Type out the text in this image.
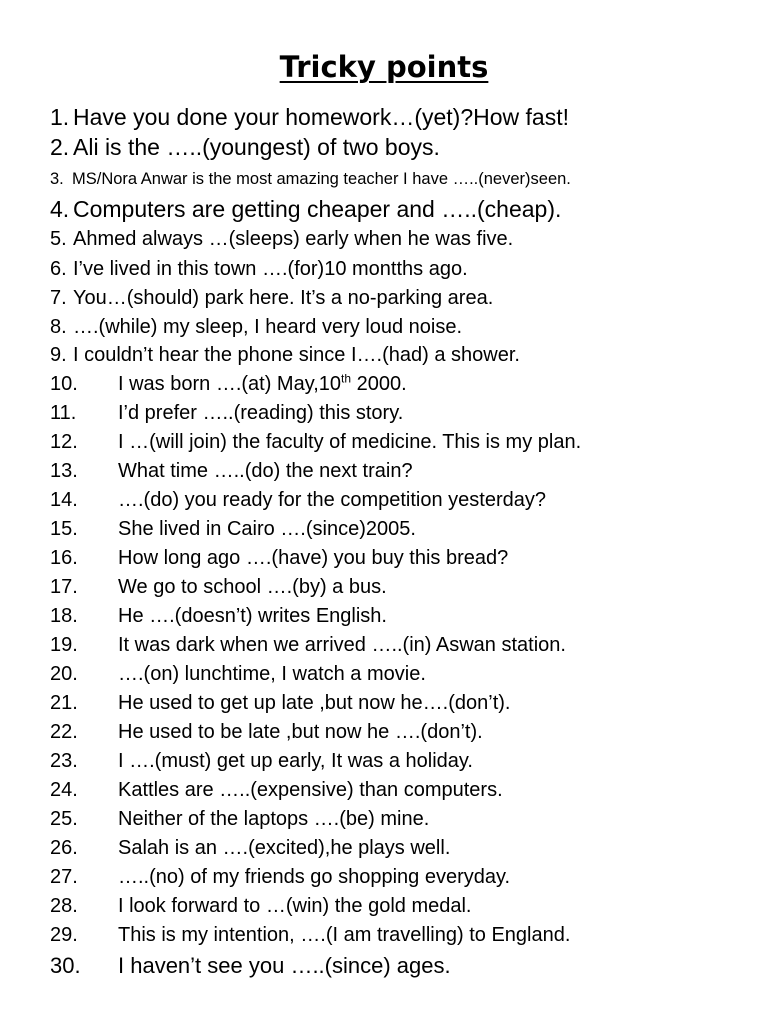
Tricky points
1. Have you done your homework…(yet)?How fast!
2. Ali is the …..(youngest) of two boys.
3. MS/Nora Anwar is the most amazing teacher I have …..(never)seen.
4. Computers are getting cheaper and …..(cheap).
5. Ahmed always …(sleeps) early when he was five.
6. I’ve lived in this town ….(for)10 montths ago.
7. You…(should) park here. It’s a no-parking area.
8. ….(while) my sleep, I heard very loud noise.
9. I couldn’t hear the phone since I….(had) a shower.
10. I was born ….(at) May,10th 2000.
11. I’d prefer …..(reading) this story.
12. I …(will join) the faculty of medicine. This is my plan.
13. What time …..(do) the next train?
14. ….(do) you ready for the competition yesterday?
15. She lived in Cairo ….(since)2005.
16. How long ago ….(have) you buy this bread?
17. We go to school ….(by) a bus.
18. He ….(doesn’t) writes English.
19. It was dark when we arrived …..(in) Aswan station.
20. ….(on) lunchtime, I watch a movie.
21. He used to get up late ,but now he….(don’t).
22. He used to be late ,but now he ….(don’t).
23. I ….(must) get up early, It was a holiday.
24. Kattles are …..(expensive) than computers.
25. Neither of the laptops ….(be) mine.
26. Salah is an ….(excited),he plays well.
27. …..(no) of my friends go shopping everyday.
28. I look forward to …(win) the gold medal.
29. This is my intention, ….(I am travelling) to England.
30. I haven’t see you …..(since) ages.
